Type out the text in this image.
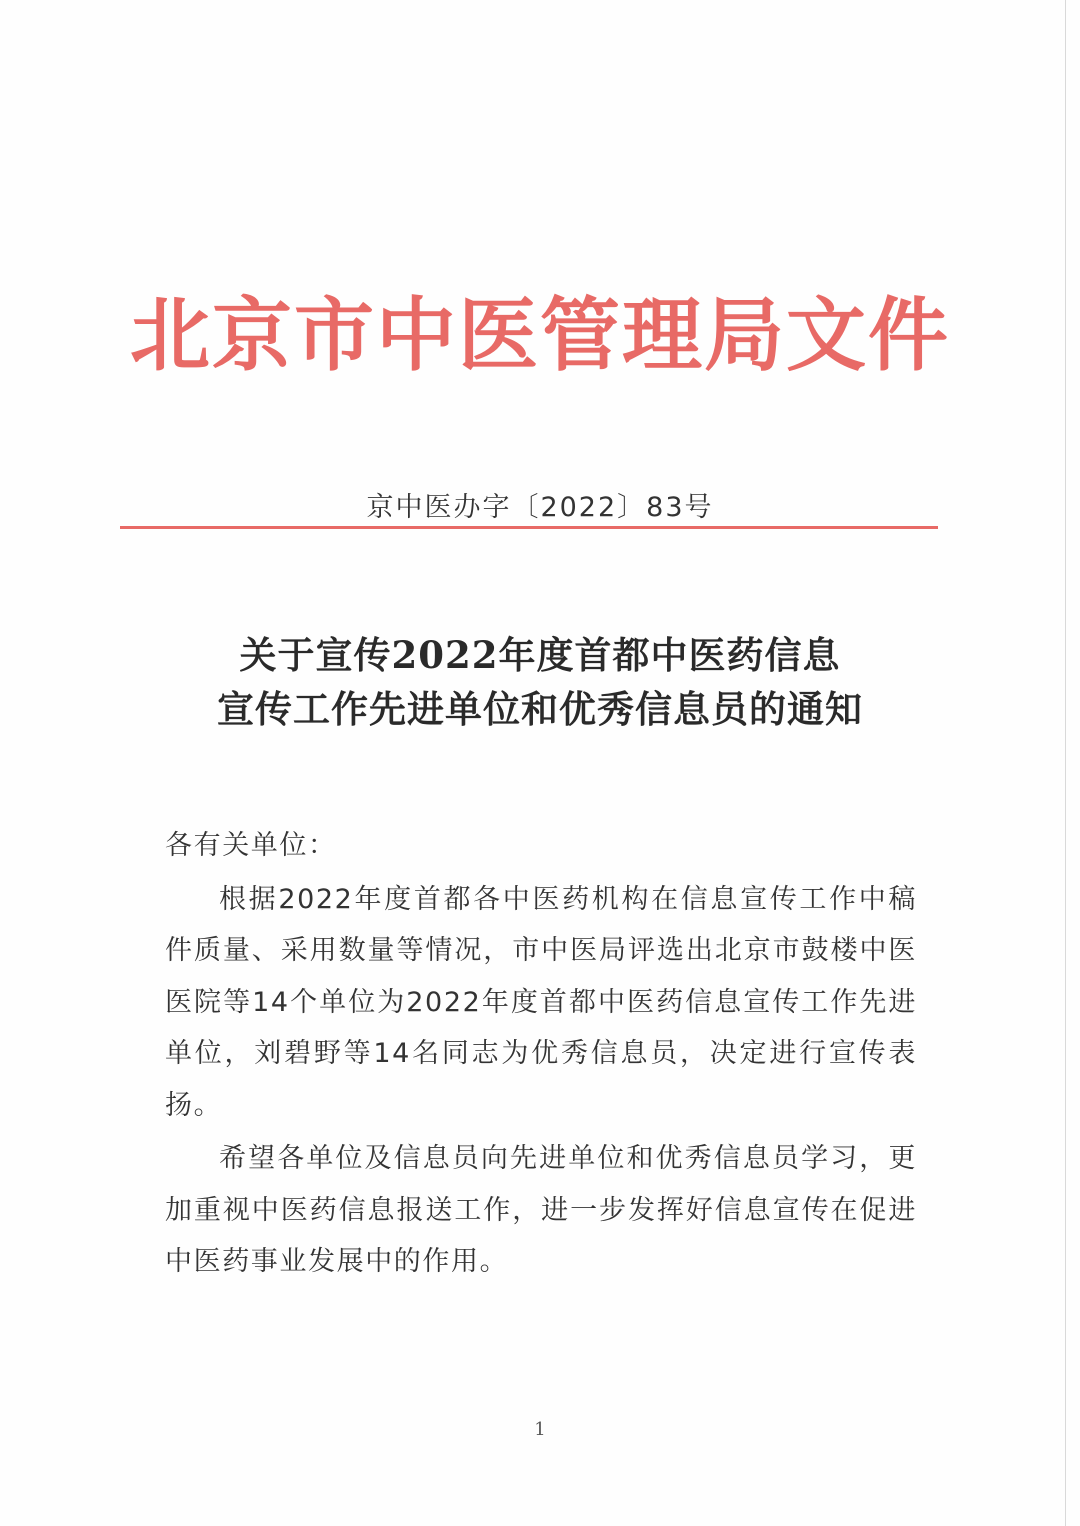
北京市中医管理局文件
京中医办字〔2022〕83号
关于宣传2022年度首都中医药信息
宣传工作先进单位和优秀信息员的通知
各有关单位：

根据2022年度首都各中医药机构在信息宣传工作中稿件质量、采用数量等情况，市中医局评选出北京市鼓楼中医医院等14个单位为2022年度首都中医药信息宣传工作先进单位，刘碧野等14名同志为优秀信息员，决定进行宣传表扬。

希望各单位及信息员向先进单位和优秀信息员学习，更加重视中医药信息报送工作，进一步发挥好信息宣传在促进中医药事业发展中的作用。

1
